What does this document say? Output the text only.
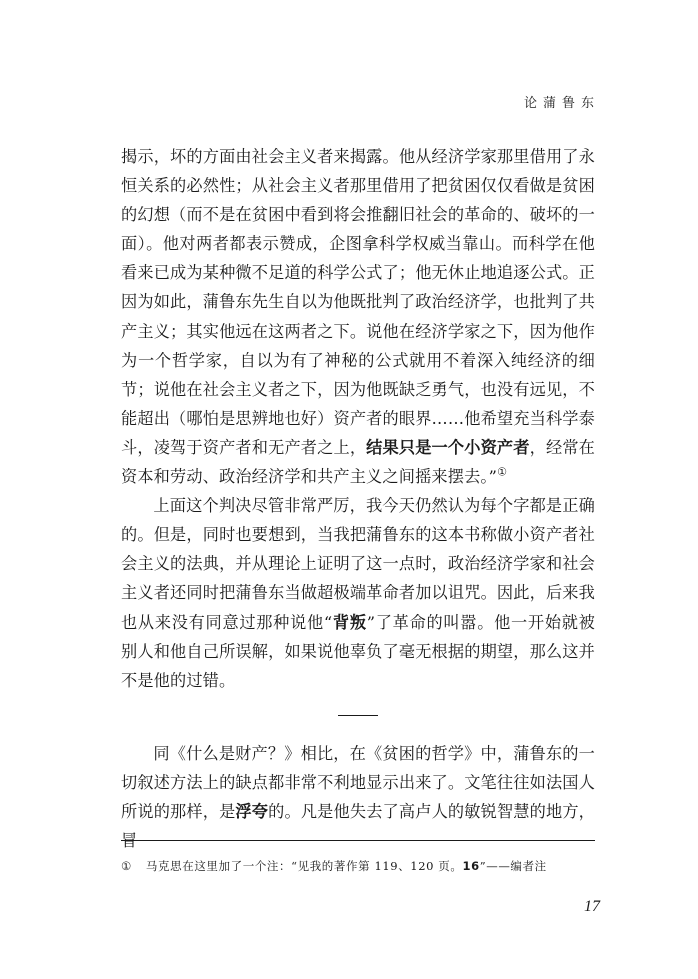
论蒲鲁东

揭示，坏的方面由社会主义者来揭露。他从经济学家那里借用了永恒关系的必然性；从社会主义者那里借用了把贫困仅仅看做是贫困的幻想（而不是在贫困中看到将会推翻旧社会的革命的、破坏的一面）。他对两者都表示赞成，企图拿科学权威当靠山。而科学在他看来已成为某种微不足道的科学公式了；他无休止地追逐公式。正因为如此，蒲鲁东先生自以为他既批判了政治经济学，也批判了共产主义；其实他远在这两者之下。说他在经济学家之下，因为他作为一个哲学家，自以为有了神秘的公式就用不着深入纯经济的细节；说他在社会主义者之下，因为他既缺乏勇气，也没有远见，不能超出（哪怕是思辨地也好）资产者的眼界……他希望充当科学泰斗，凌驾于资产者和无产者之上，结果只是一个小资产者，经常在资本和劳动、政治经济学和共产主义之间摇来摆去。”①

上面这个判决尽管非常严厉，我今天仍然认为每个字都是正确的。但是，同时也要想到，当我把蒲鲁东的这本书称做小资产者社会主义的法典，并从理论上证明了这一点时，政治经济学家和社会主义者还同时把蒲鲁东当做超极端革命者加以诅咒。因此，后来我也从来没有同意过那种说他“背叛”了革命的叫嚣。他一开始就被别人和他自己所误解，如果说他辜负了毫无根据的期望，那么这并不是他的过错。

同《什么是财产？》相比，在《贫困的哲学》中，蒲鲁东的一切叙述方法上的缺点都非常不利地显示出来了。文笔往往如法国人所说的那样，是浮夸的。凡是他失去了高卢人的敏锐智慧的地方，冒

① 马克思在这里加了一个注：“见我的著作第 119、120 页。16”——编者注
17
